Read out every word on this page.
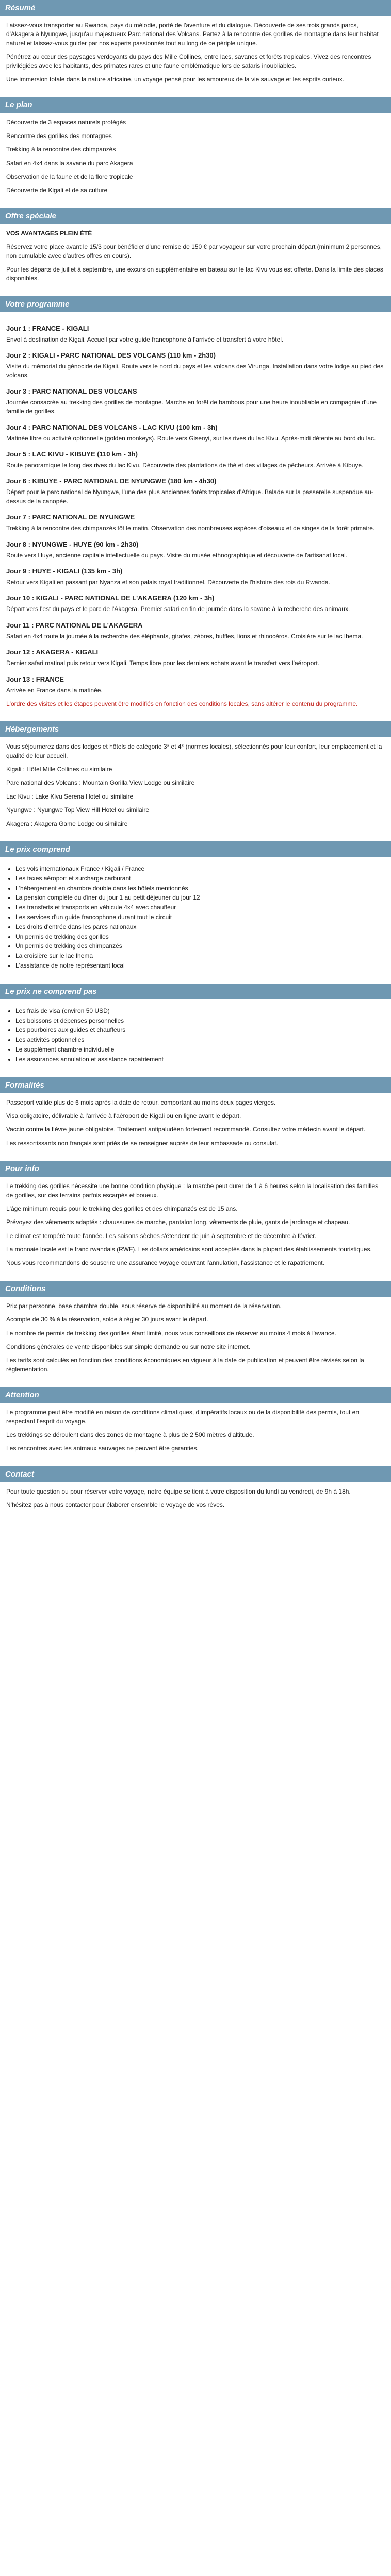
Résumé

Laissez-vous transporter au Rwanda, pays du mélodie, porté de l'aventure et du dialogue. Découverte de ses trois grands parcs, d'Akagera à Nyungwe, jusqu'au majestueux Parc national des Volcans. Partez à la rencontre des gorilles de montagne dans leur habitat naturel et laissez-vous guider par nos experts passionnés tout au long de ce périple unique.

Pénétrez au cœur des paysages verdoyants du pays des Mille Collines, entre lacs, savanes et forêts tropicales. Vivez des rencontres privilégiées avec les habitants, des primates rares et une faune emblématique lors de safaris inoubliables.

Une immersion totale dans la nature africaine, un voyage pensé pour les amoureux de la vie sauvage et les esprits curieux.

Le plan
Découverte de 3 espaces naturels protégés
Rencontre des gorilles des montagnes
Trekking à la rencontre des chimpanzés
Safari en 4x4 dans la savane du parc Akagera
Observation de la faune et de la flore tropicale
Découverte de Kigali et de sa culture
Offre spéciale

VOS AVANTAGES PLEIN ÉTÉ

Réservez votre place avant le 15/3 pour bénéficier d'une remise de 150 € par voyageur sur votre prochain départ (minimum 2 personnes, non cumulable avec d'autres offres en cours).

Pour les départs de juillet à septembre, une excursion supplémentaire en bateau sur le lac Kivu vous est offerte. Dans la limite des places disponibles.

Votre programme
Jour 1 : FRANCE - KIGALI

Envol à destination de Kigali. Accueil par votre guide francophone à l'arrivée et transfert à votre hôtel.

Jour 2 : KIGALI - PARC NATIONAL DES VOLCANS (110 km - 2h30)

Visite du mémorial du génocide de Kigali. Route vers le nord du pays et les volcans des Virunga. Installation dans votre lodge au pied des volcans.

Jour 3 : PARC NATIONAL DES VOLCANS

Journée consacrée au trekking des gorilles de montagne. Marche en forêt de bambous pour une heure inoubliable en compagnie d'une famille de gorilles.

Jour 4 : PARC NATIONAL DES VOLCANS - LAC KIVU (100 km - 3h)

Matinée libre ou activité optionnelle (golden monkeys). Route vers Gisenyi, sur les rives du lac Kivu. Après-midi détente au bord du lac.

Jour 5 : LAC KIVU - KIBUYE (110 km - 3h)

Route panoramique le long des rives du lac Kivu. Découverte des plantations de thé et des villages de pêcheurs. Arrivée à Kibuye.

Jour 6 : KIBUYE - PARC NATIONAL DE NYUNGWE (180 km - 4h30)

Départ pour le parc national de Nyungwe, l'une des plus anciennes forêts tropicales d'Afrique. Balade sur la passerelle suspendue au-dessus de la canopée.

Jour 7 : PARC NATIONAL DE NYUNGWE

Trekking à la rencontre des chimpanzés tôt le matin. Observation des nombreuses espèces d'oiseaux et de singes de la forêt primaire.

Jour 8 : NYUNGWE - HUYE (90 km - 2h30)

Route vers Huye, ancienne capitale intellectuelle du pays. Visite du musée ethnographique et découverte de l'artisanat local.

Jour 9 : HUYE - KIGALI (135 km - 3h)

Retour vers Kigali en passant par Nyanza et son palais royal traditionnel. Découverte de l'histoire des rois du Rwanda.

Jour 10 : KIGALI - PARC NATIONAL DE L'AKAGERA (120 km - 3h)

Départ vers l'est du pays et le parc de l'Akagera. Premier safari en fin de journée dans la savane à la recherche des animaux.

Jour 11 : PARC NATIONAL DE L'AKAGERA

Safari en 4x4 toute la journée à la recherche des éléphants, girafes, zèbres, buffles, lions et rhinocéros. Croisière sur le lac Ihema.

Jour 12 : AKAGERA - KIGALI

Dernier safari matinal puis retour vers Kigali. Temps libre pour les derniers achats avant le transfert vers l'aéroport.

Jour 13 : FRANCE

Arrivée en France dans la matinée.

L'ordre des visites et les étapes peuvent être modifiés en fonction des conditions locales, sans altérer le contenu du programme.

Hébergements

Vous séjournerez dans des lodges et hôtels de catégorie 3* et 4* (normes locales), sélectionnés pour leur confort, leur emplacement et la qualité de leur accueil.

Kigali : Hôtel Mille Collines ou similaire

Parc national des Volcans : Mountain Gorilla View Lodge ou similaire

Lac Kivu : Lake Kivu Serena Hotel ou similaire

Nyungwe : Nyungwe Top View Hill Hotel ou similaire

Akagera : Akagera Game Lodge ou similaire

Le prix comprend
• Les vols internationaux France / Kigali / France
• Les taxes aéroport et surcharge carburant
• L'hébergement en chambre double dans les hôtels mentionnés
• La pension complète du dîner du jour 1 au petit déjeuner du jour 12
• Les transferts et transports en véhicule 4x4 avec chauffeur
• Les services d'un guide francophone durant tout le circuit
• Les droits d'entrée dans les parcs nationaux
• Un permis de trekking des gorilles
• Un permis de trekking des chimpanzés
• La croisière sur le lac Ihema
• L'assistance de notre représentant local
Le prix ne comprend pas
• Les frais de visa (environ 50 USD)
• Les boissons et dépenses personnelles
• Les pourboires aux guides et chauffeurs
• Les activités optionnelles
• Le supplément chambre individuelle
• Les assurances annulation et assistance rapatriement
Formalités

Passeport valide plus de 6 mois après la date de retour, comportant au moins deux pages vierges.

Visa obligatoire, délivrable à l'arrivée à l'aéroport de Kigali ou en ligne avant le départ.

Vaccin contre la fièvre jaune obligatoire. Traitement antipaludéen fortement recommandé. Consultez votre médecin avant le départ.

Les ressortissants non français sont priés de se renseigner auprès de leur ambassade ou consulat.

Pour info

Le trekking des gorilles nécessite une bonne condition physique : la marche peut durer de 1 à 6 heures selon la localisation des familles de gorilles, sur des terrains parfois escarpés et boueux.

L'âge minimum requis pour le trekking des gorilles et des chimpanzés est de 15 ans.

Prévoyez des vêtements adaptés : chaussures de marche, pantalon long, vêtements de pluie, gants de jardinage et chapeau.

Le climat est tempéré toute l'année. Les saisons sèches s'étendent de juin à septembre et de décembre à février.

La monnaie locale est le franc rwandais (RWF). Les dollars américains sont acceptés dans la plupart des établissements touristiques.

Nous vous recommandons de souscrire une assurance voyage couvrant l'annulation, l'assistance et le rapatriement.

Conditions

Prix par personne, base chambre double, sous réserve de disponibilité au moment de la réservation.

Acompte de 30 % à la réservation, solde à régler 30 jours avant le départ.

Le nombre de permis de trekking des gorilles étant limité, nous vous conseillons de réserver au moins 4 mois à l'avance.

Conditions générales de vente disponibles sur simple demande ou sur notre site internet.

Les tarifs sont calculés en fonction des conditions économiques en vigueur à la date de publication et peuvent être révisés selon la réglementation.

Attention

Le programme peut être modifié en raison de conditions climatiques, d'impératifs locaux ou de la disponibilité des permis, tout en respectant l'esprit du voyage.

Les trekkings se déroulent dans des zones de montagne à plus de 2 500 mètres d'altitude.

Les rencontres avec les animaux sauvages ne peuvent être garanties.

Contact

Pour toute question ou pour réserver votre voyage, notre équipe se tient à votre disposition du lundi au vendredi, de 9h à 18h.

N'hésitez pas à nous contacter pour élaborer ensemble le voyage de vos rêves.
